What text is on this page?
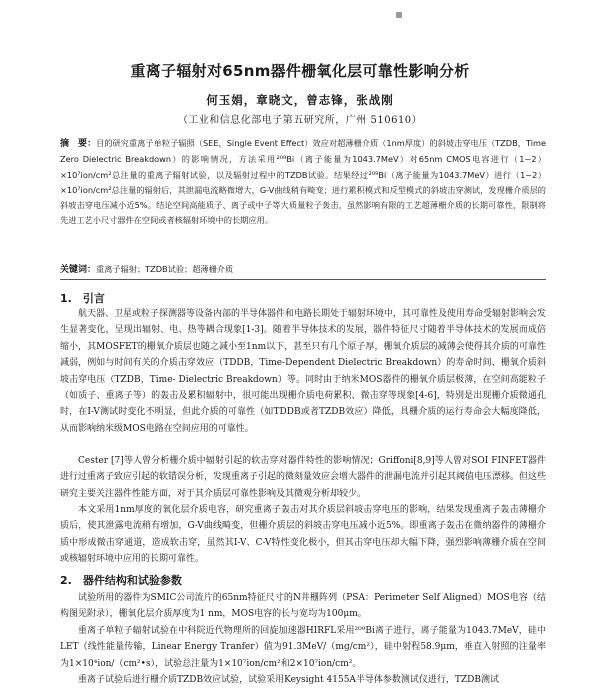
重离子辐射对65nm器件栅氧化层可靠性影响分析
何玉娟，章晓文，曾志锋，张战刚
（工业和信息化部电子第五研究所，广州 510610）
摘　要：目的研究重离子单粒子辐照（SEE，Single Event Effect）效应对超薄栅介质（1nm厚度）的斜坡击穿电压（TZDB，Time Zero Dielectric Breakdown）的影响情况，方法采用²⁰⁹Bi（离子能量为1043.7MeV）对65nm CMOS电容进行（1~2）×10⁷ion/cm²总注量的重离子辐射试验，以及辐射过程中的TZDB试验。结果经过²⁰⁹Bi（离子能量为1043.7MeV）进行（1~2）×10⁷ion/cm²总注量的辐射后，其泄漏电流略微增大，G-V曲线稍有畸变；进行累积模式和反型模式的斜坡击穿测试，发现栅介质层的斜坡击穿电压减小近5%。结论空间高能质子、离子或中子等大质量粒子轰击，虽然影响有限的工艺超薄栅介质的长期可靠性，限制将先进工艺小尺寸器件在空间或者核辐射环境中的长期应用。
关键词：重离子辐射；TZDB试验；超薄栅介质
1.　引言
航天器、卫星或粒子探测器等设备内部的半导体器件和电路长期处于辐射环境中，其可靠性及使用寿命受辐射影响会发生显著变化，呈现出辐射、电、热等耦合现象[1-3]。随着半导体技术的发展，器件特征尺寸随着半导体技术的发展而成倍缩小，其MOSFET的栅氧介质层也随之减小至1nm以下，甚至只有几个原子厚，栅氧介质层的减薄会使得其介质的可靠性减弱，例如与时间有关的介质击穿效应（TDDB，Time-Dependent Dielectric Breakdown）的寿命时间、栅氧介质斜坡击穿电压（TZDB，Time- Dielectric Breakdown）等。同时由于纳米MOS器件的栅氧介质层极薄，在空间高能粒子（如质子、重离子等）的轰击及累积辐射中，很可能出现栅介质电荷累积、微击穿等现象[4-6]，特别是出现栅介质微通孔时，在I-V测试时变化不明显，但此介质的可靠性（如TDDB或者TZDB效应）降低，具栅介质的运行寿命会大幅度降低，从而影响纳米级MOS电路在空间应用的可靠性。
Cester [7]等人曾分析栅介质中辐射引起的软击穿对器件特性的影响情况；Griffoni[8,9]等人曾对SOI FINFET器件进行过重离子致应引起的软错误分析，发现重离子引起的微刻量效应会增大器件的泄漏电流并引起其阈值电压漂移。但这些研究主要关注器件性能方面，对于其介质层可靠性影响及其微观分析却较少。
本文采用1nm厚度的氧化层介质电容，研究重离子轰击对其介质层斜坡击穿电压的影响，结果发现重离子轰击薄栅介质后，使其泄露电流稍有增加，G-V曲线畸变，但栅介质层的斜坡击穿电压减小近5%。即重离子轰击在微纳器件的薄栅介质中形成微击穿通道，造成软击穿，虽然其I-V、C-V特性变化极小，但其击穿电压却大幅下降，强烈影响薄栅介质在空间或核辐射环境中应用的长期可靠性。
2.　器件结构和试验参数
试验所用的器件为SMIC公司流片的65nm特征尺寸的N井栅阵列（PSA：Perimeter Self Aligned）MOS电容（结构图见附录），栅氧化层介质厚度为1 nm，MOS电容的长与宽均为100μm。
重离子单粒子辐射试验在中科院近代物理所的回旋加速器HIRFL采用²⁰⁹Bi离子进行，离子能量为1043.7MeV，硅中LET（线性能量传输，Linear Energy Tranfer）值为91.3MeV/（mg/cm²），硅中射程58.9μm，垂直入射照的注量率为1×10⁴ion/（cm²•s），试验总注量为1×10⁷ion/cm²和2×10⁷ion/cm²。
重离子试验后进行栅介质TZDB效应试验，试验采用Keysight 4155A半导体参数测试仪进行，TZDB测试
